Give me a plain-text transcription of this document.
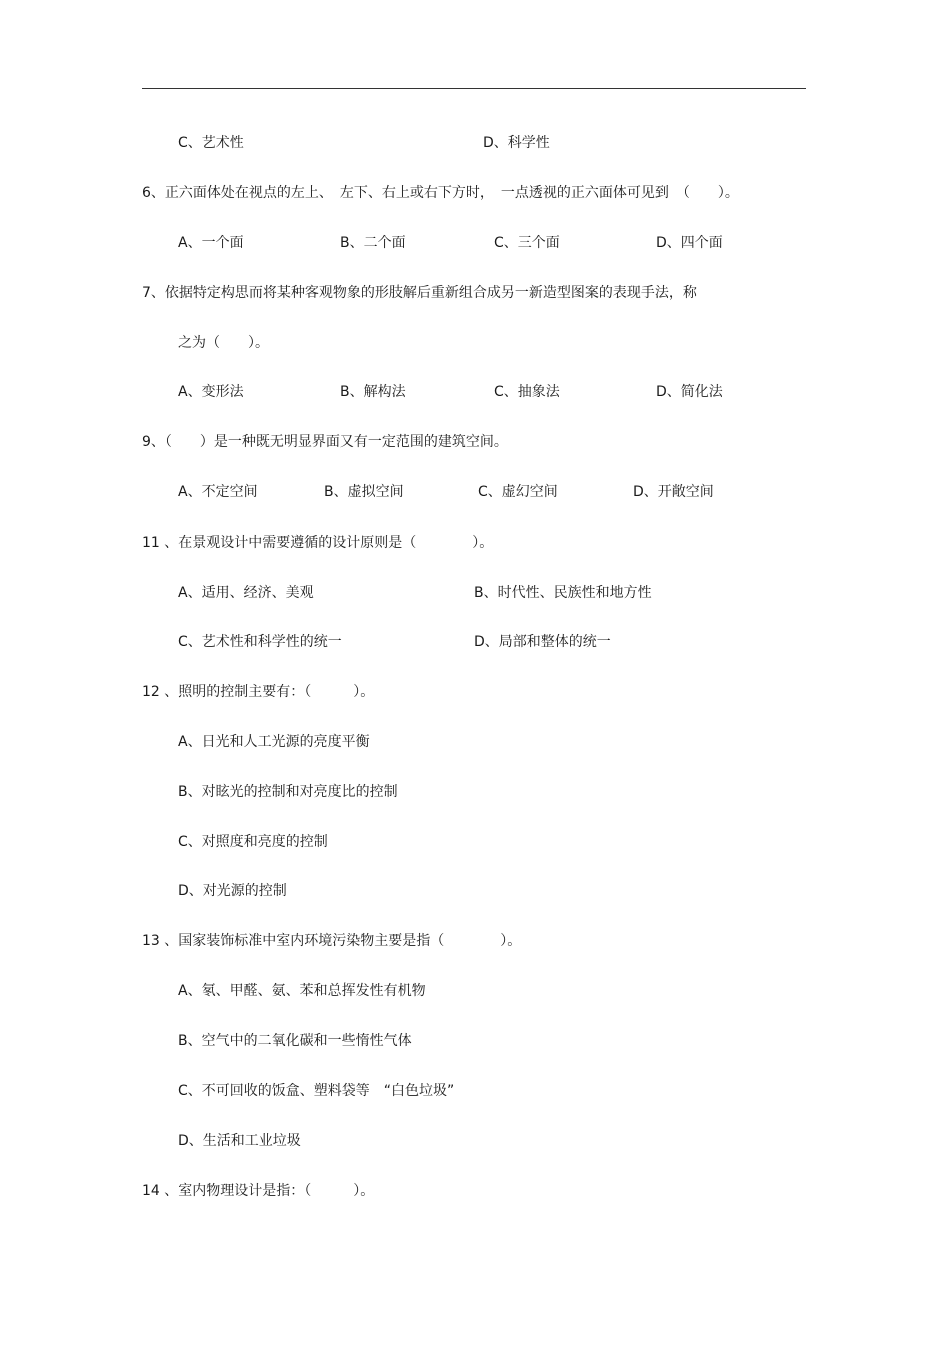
C、艺术性	D、科学性
6、正六面体处在视点的左上、　左下、右上或右下方时，　一点透视的正六面体可见到　（　　）。
A、一个面	B、二个面	C、三个面	D、四个面
7、依据特定构思而将某种客观物象的形肢解后重新组合成另一新造型图案的表现手法，称
之为（　　）。
A、变形法	B、解构法	C、抽象法	D、简化法
9、（　　）是一种既无明显界面又有一定范围的建筑空间。
A、不定空间	B、虚拟空间	C、虚幻空间	D、开敞空间
11 、在景观设计中需要遵循的设计原则是（　　　　）。
A、适用、经济、美观	B、时代性、民族性和地方性
C、艺术性和科学性的统一	D、局部和整体的统一
12 、照明的控制主要有：（　　　）。
A、日光和人工光源的亮度平衡
B、对眩光的控制和对亮度比的控制
C、对照度和亮度的控制
D、对光源的控制
13 、国家装饰标准中室内环境污染物主要是指（　　　　）。
A、氡、甲醛、氨、苯和总挥发性有机物
B、空气中的二氧化碳和一些惰性气体
C、不可回收的饭盒、塑料袋等　“白色垃圾”
D、生活和工业垃圾
14 、室内物理设计是指：（　　　）。
